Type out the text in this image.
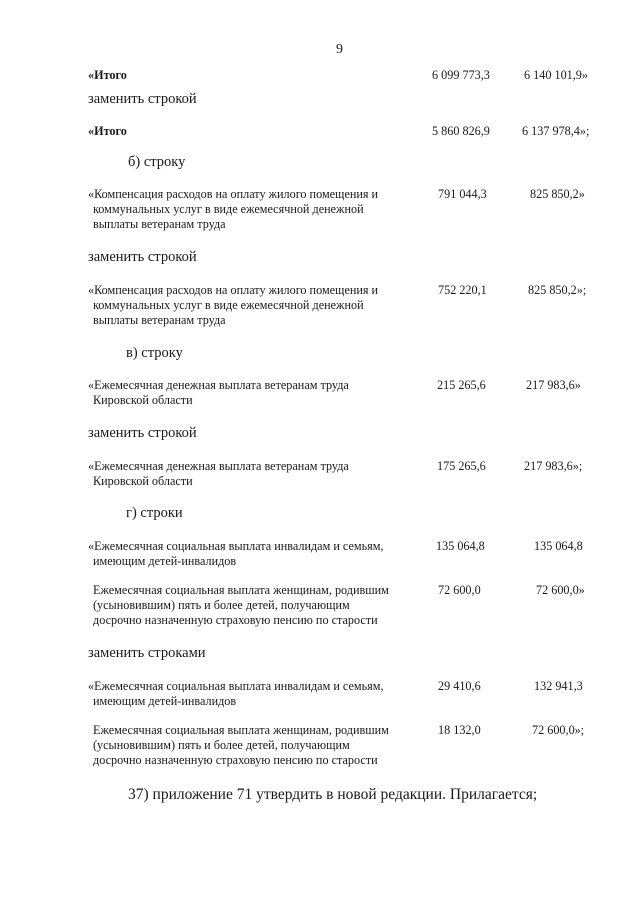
9
«Итого	6 099 773,3	6 140 101,9»
заменить строкой
«Итого	5 860 826,9	6 137 978,4»;
б) строку
«Компенсация расходов на оплату жилого помещения и
коммунальных услуг в виде ежемесячной денежной
выплаты ветеранам труда
791 044,3	825 850,2»
заменить строкой
«Компенсация расходов на оплату жилого помещения и
коммунальных услуг в виде ежемесячной денежной
выплаты ветеранам труда
752 220,1	825 850,2»;
в) строку
«Ежемесячная денежная выплата ветеранам труда
Кировской области
215 265,6	217 983,6»
заменить строкой
«Ежемесячная денежная выплата ветеранам труда
Кировской области
175 265,6	217 983,6»;
г) строки
«Ежемесячная социальная выплата инвалидам и семьям,
имеющим детей-инвалидов
135 064,8	135 064,8
Ежемесячная социальная выплата женщинам, родившим
(усыновившим) пять и более детей, получающим
досрочно назначенную страховую пенсию по старости
72 600,0	72 600,0»
заменить строками
«Ежемесячная социальная выплата инвалидам и семьям,
имеющим детей-инвалидов
29 410,6	132 941,3
Ежемесячная социальная выплата женщинам, родившим
(усыновившим) пять и более детей, получающим
досрочно назначенную страховую пенсию по старости
18 132,0	72 600,0»;
37) приложение 71 утвердить в новой редакции. Прилагается;
